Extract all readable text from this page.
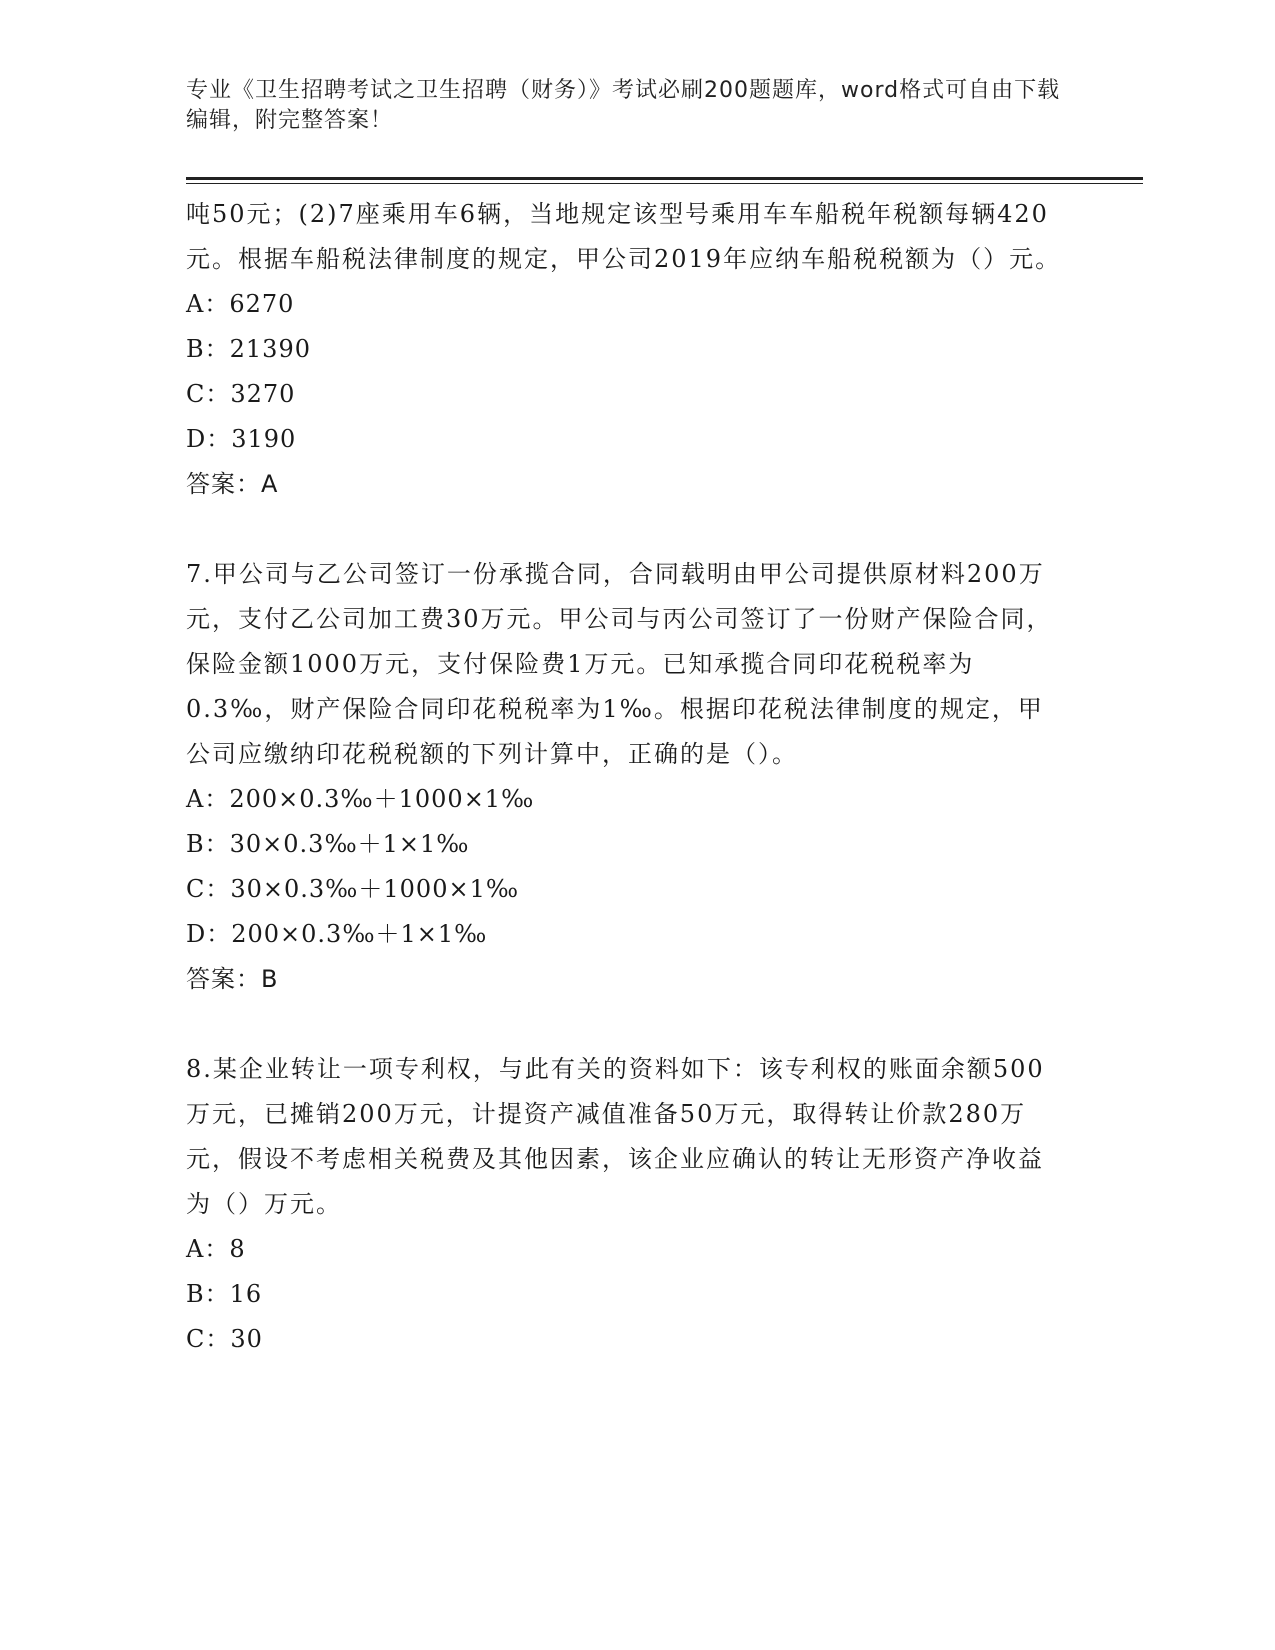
专业《卫生招聘考试之卫生招聘（财务）》考试必刷200题题库，word格式可自由下载编辑，附完整答案！

吨50元；(2)7座乘用车6辆，当地规定该型号乘用车车船税年税额每辆420元。根据车船税法律制度的规定，甲公司2019年应纳车船税税额为（）元。

A：6270

B：21390

C：3270

D：3190

答案：A

7.甲公司与乙公司签订一份承揽合同，合同载明由甲公司提供原材料200万元，支付乙公司加工费30万元。甲公司与丙公司签订了一份财产保险合同，保险金额1000万元，支付保险费1万元。已知承揽合同印花税税率为0.3‰，财产保险合同印花税税率为1‰。根据印花税法律制度的规定，甲公司应缴纳印花税税额的下列计算中，正确的是（）。

A：200×0.3‰＋1000×1‰

B：30×0.3‰＋1×1‰

C：30×0.3‰＋1000×1‰

D：200×0.3‰＋1×1‰

答案：B

8.某企业转让一项专利权，与此有关的资料如下：该专利权的账面余额500万元，已摊销200万元，计提资产减值准备50万元，取得转让价款280万元，假设不考虑相关税费及其他因素，该企业应确认的转让无形资产净收益为（）万元。

A：8

B：16

C：30
